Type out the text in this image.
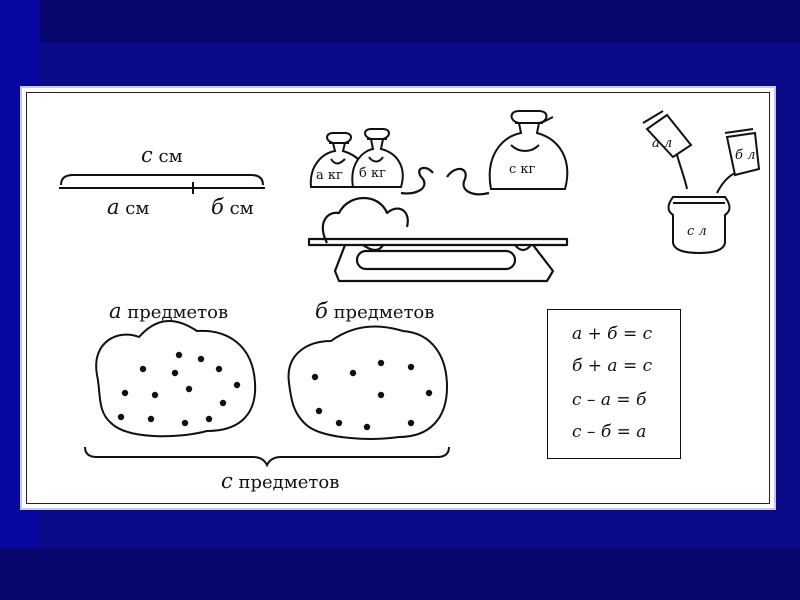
с см
а см	б см
а кг б кг	с кг
а л
б л
с л
а предметов	б предметов
с предметов
а + б = с
б + а = с
с – а = б
с – б = а
